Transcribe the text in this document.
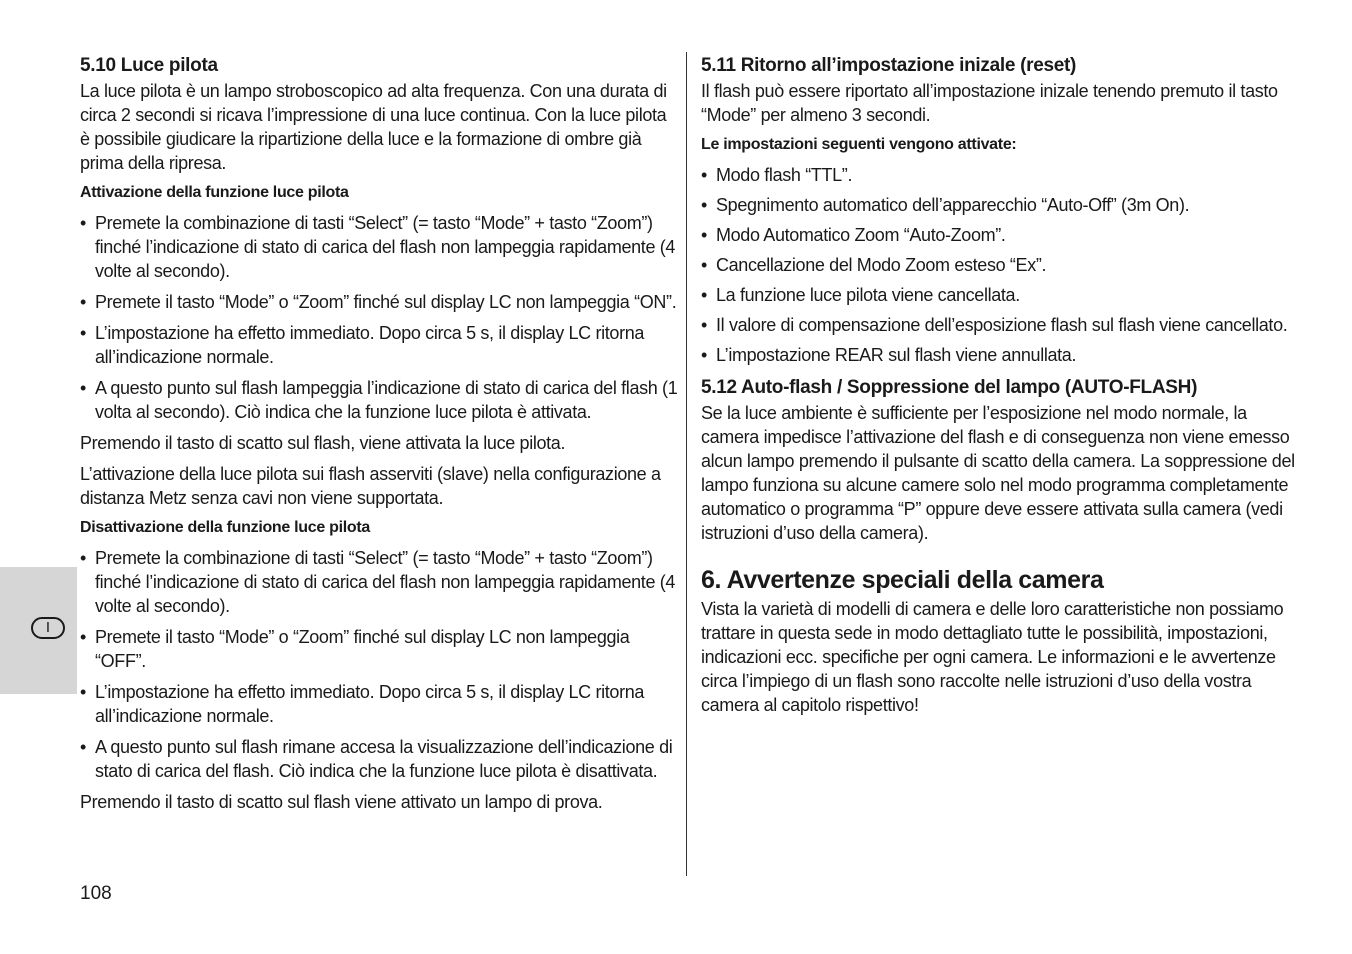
I
5.10 Luce pilota

La luce pilota è un lampo stroboscopico ad alta frequenza. Con una durata di circa 2 secondi si ricava l’impressione di una luce continua. Con la luce pilota è possibile giudicare la ripartizione della luce e la formazione di ombre già prima della ripresa.

Attivazione della funzione luce pilota
• Premete la combinazione di tasti “Select” (= tasto “Mode” + tasto “Zoom”) finché l’indicazione di stato di carica del flash non lampeggia rapidamente (4 volte al secondo).
• Premete il tasto “Mode” o “Zoom” finché sul display LC non lampeggia “ON”.
• L’impostazione ha effetto immediato. Dopo circa 5 s, il display LC ritorna all’indicazione normale.
• A questo punto sul flash lampeggia l’indicazione di stato di carica del flash (1 volta al secondo). Ciò indica che la funzione luce pilota è attivata.

Premendo il tasto di scatto sul flash, viene attivata la luce pilota.

L’attivazione della luce pilota sui flash asserviti (slave) nella configurazione a distanza Metz senza cavi non viene supportata.

Disattivazione della funzione luce pilota
• Premete la combinazione di tasti “Select” (= tasto “Mode” + tasto “Zoom”) finché l’indicazione di stato di carica del flash non lampeggia rapidamente (4 volte al secondo).
• Premete il tasto “Mode” o “Zoom” finché sul display LC non lampeggia “OFF”.
• L’impostazione ha effetto immediato. Dopo circa 5 s, il display LC ritorna all’indicazione normale.
• A questo punto sul flash rimane accesa la visualizzazione dell’indicazione di stato di carica del flash. Ciò indica che la funzione luce pilota è disattivata.

Premendo il tasto di scatto sul flash viene attivato un lampo di prova.

5.11 Ritorno all’impostazione inizale (reset)

Il flash può essere riportato all’impostazione inizale tenendo premuto il tasto “Mode” per almeno 3 secondi.

Le impostazioni seguenti vengono attivate:
• Modo flash “TTL”.
• Spegnimento automatico dell’apparecchio “Auto-Off” (3m On).
• Modo Automatico Zoom “Auto-Zoom”.
• Cancellazione del Modo Zoom esteso “Ex”.
• La funzione luce pilota viene cancellata.
• Il valore di compensazione dell’esposizione flash sul flash viene cancellato.
• L’impostazione REAR sul flash viene annullata.
5.12 Auto-flash / Soppressione del lampo (AUTO-FLASH)

Se la luce ambiente è sufficiente per l’esposizione nel modo normale, la camera impedisce l’attivazione del flash e di conseguenza non viene emesso alcun lampo premendo il pulsante di scatto della camera. La soppressione del lampo funziona su alcune camere solo nel modo programma completamente automatico o programma “P” oppure deve essere attivata sulla camera (vedi istruzioni d’uso della camera).

6. Avvertenze speciali della camera

Vista la varietà di modelli di camera e delle loro caratteristiche non possiamo trattare in questa sede in modo dettagliato tutte le possibilità, impostazioni, indicazioni ecc. specifiche per ogni camera. Le informazioni e le avvertenze circa l’impiego di un flash sono raccolte nelle istruzioni d’uso della vostra camera al capitolo rispettivo!

108
